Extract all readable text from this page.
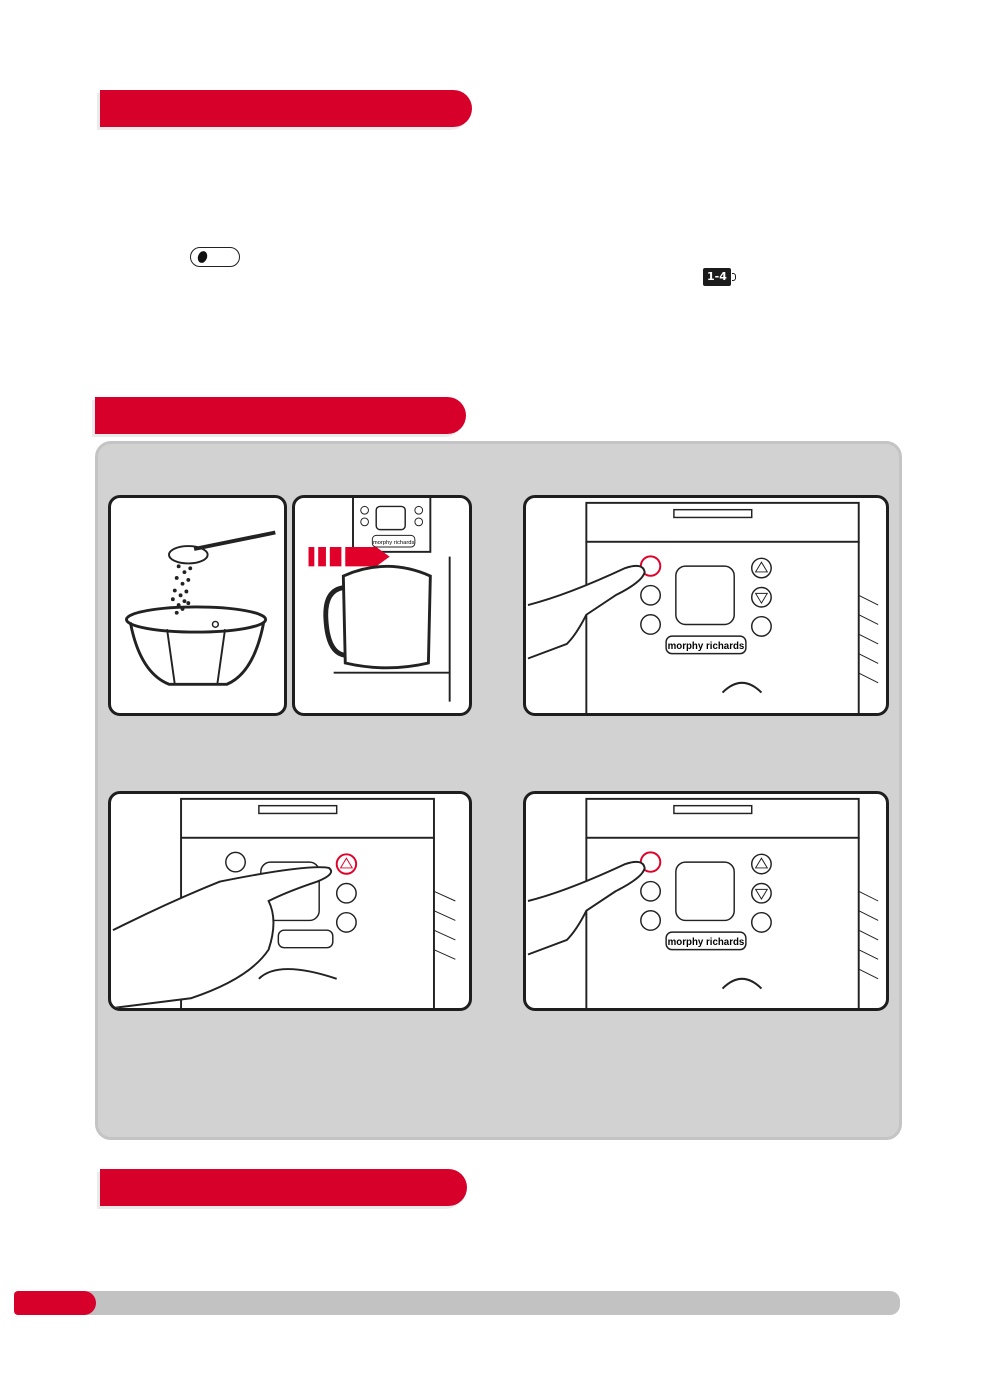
1-4
morphy richards
morphy richards
morphy richards
